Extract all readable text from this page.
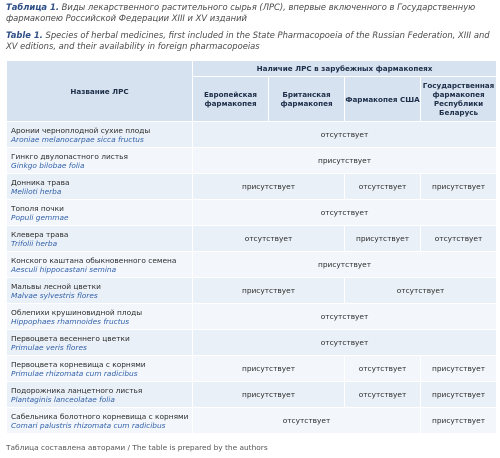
Таблица 1. Виды лекарственного растительного сырья (ЛРС), впервые включенного в Государственную фармакопею Российской Федерации XIII и XV изданий
Table 1. Species of herbal medicines, first included in the State Pharmacopoeia of the Russian Federation, XIII and XV editions, and their availability in foreign pharmacopoeias
Название ЛРС	Наличие ЛРС в зарубежных фармакопеях			
	Европейская фармакопея	Британская фармакопея	Фармакопея США	Государственная фармакопея Республики Беларусь

Аронии черноплодной сухие плоды
Aroniae melanocarpae sicca fructus	отсутствует			

Гинкго двулопастного листья
Ginkgo bilobae folia	присутствует			

Донника трава
Meliloti herba	присутствует		отсутствует	присутствует

Тополя почки
Populi gemmae	отсутствует			

Клевера трава
Trifolii herba	отсутствует		присутствует	отсутствует

Конского каштана обыкновенного семена
Aesculi hippocastani semina	присутствует			

Мальвы лесной цветки
Malvae sylvestris flores	присутствует		отсутствует	

Облепихи крушиновидной плоды
Hippophaes rhamnoides fructus	отсутствует			

Первоцвета весеннего цветки
Primulae veris flores	отсутствует			

Первоцвета корневища с корнями
Primulae rhizomata cum radicibus	присутствует		отсутствует	присутствует

Подорожника ланцетного листья
Plantaginis lanceolatae folia	присутствует		отсутствует	присутствует

Сабельника болотного корневища с корнями
Comari palustris rhizomata cum radicibus	отсутствует			присутствует
Таблица составлена авторами / The table is prepared by the authors
